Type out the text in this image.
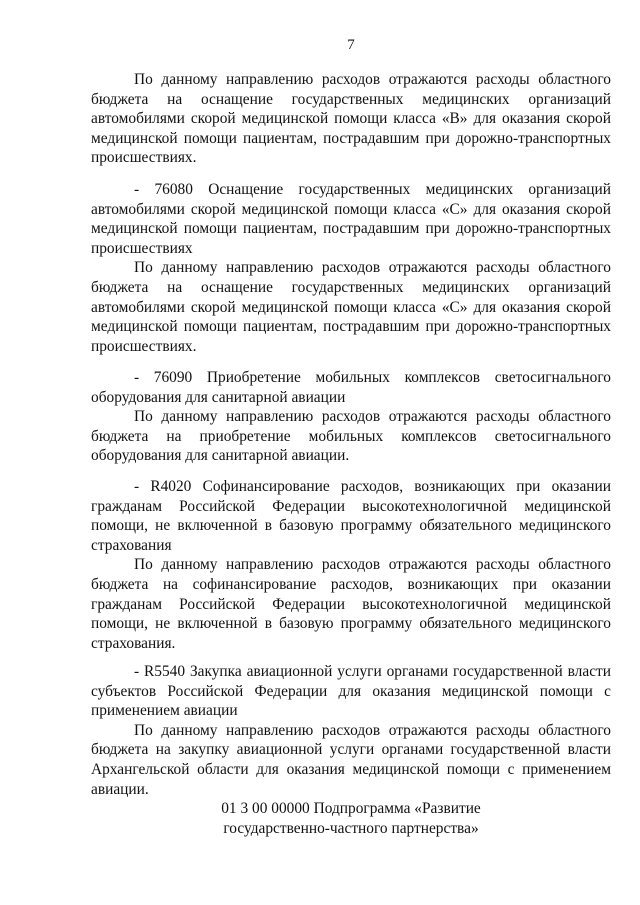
7

По данному направлению расходов отражаются расходы областного бюджета на оснащение государственных медицинских организаций автомобилями скорой медицинской помощи класса «В» для оказания скорой медицинской помощи пациентам, пострадавшим при дорожно-транспортных происшествиях.

- 76080 Оснащение государственных медицинских организаций автомобилями скорой медицинской помощи класса «С» для оказания скорой медицинской помощи пациентам, пострадавшим при дорожно-транспортных происшествиях

По данному направлению расходов отражаются расходы областного бюджета на оснащение государственных медицинских организаций автомобилями скорой медицинской помощи класса «С» для оказания скорой медицинской помощи пациентам, пострадавшим при дорожно-транспортных происшествиях.

- 76090 Приобретение мобильных комплексов светосигнального оборудования для санитарной авиации

По данному направлению расходов отражаются расходы областного бюджета на приобретение мобильных комплексов светосигнального оборудования для санитарной авиации.

- R4020 Софинансирование расходов, возникающих при оказании гражданам Российской Федерации высокотехнологичной медицинской помощи, не включенной в базовую программу обязательного медицинского страхования

По данному направлению расходов отражаются расходы областного бюджета на софинансирование расходов, возникающих при оказании гражданам Российской Федерации высокотехнологичной медицинской помощи, не включенной в базовую программу обязательного медицинского страхования.

- R5540 Закупка авиационной услуги органами государственной власти субъектов Российской Федерации для оказания медицинской помощи с применением авиации

По данному направлению расходов отражаются расходы областного бюджета на закупку авиационной услуги органами государственной власти Архангельской области для оказания медицинской помощи с применением авиации.

01 3 00 00000 Подпрограмма «Развитие
государственно-частного партнерства»
